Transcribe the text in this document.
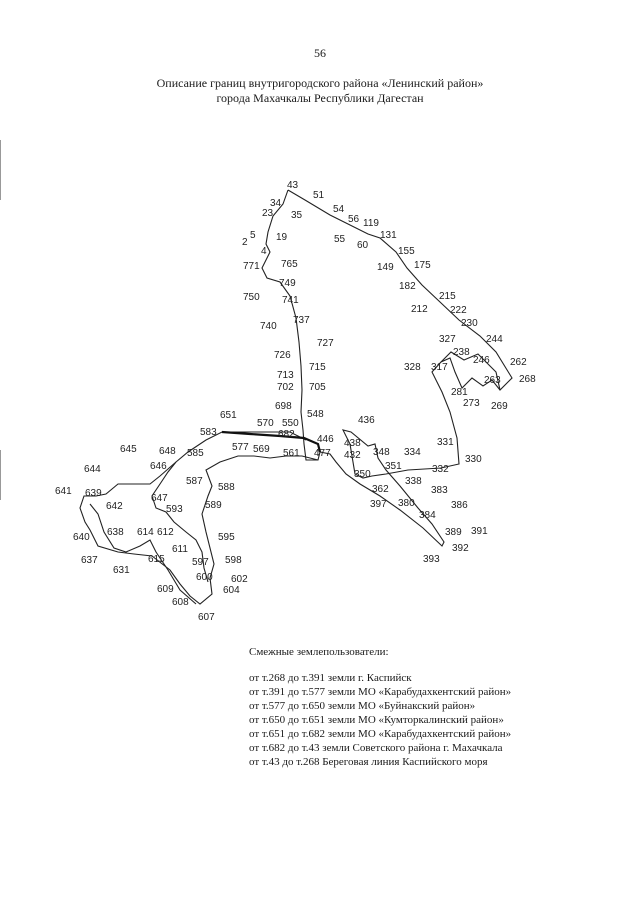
56
Описание границ внутригородского района «Ленинский район»
города Махачкалы Республики Дагестан
43
51
34
54
23 35	56 119
131
5 19	55
60
2
155
4
149 175
771 765
749	182
215
750 741
212 222
230
737
740
327	244
727
238
246 262
726
715	328 317
263 268
713
702 705	281
273 269
698
548
651	436
570 550
583	682 446 438
348 334
331
577 569 561 477 432
645 648 585
351
330
646
644	332
350
587	338
588	383
641 639	362
647
593
642	397 380	386
589
384
638 614 612	595	389 391
640
611	392
615	597 598
637
631
393
600 602
609	604
608
607
Смежные землепользователи:
от т.268 до т.391 земли г. Каспийск
от т.391 до т.577 земли МО «Карабудахкентский район»
от т.577 до т.650 земли МО «Буйнакский район»
от т.650 до т.651 земли МО «Кумторкалинский район»
от т.651 до т.682 земли МО «Карабудахкентский район»
от т.682 до т.43 земли Советского района г. Махачкала
от т.43 до т.268 Береговая линия Каспийского моря
